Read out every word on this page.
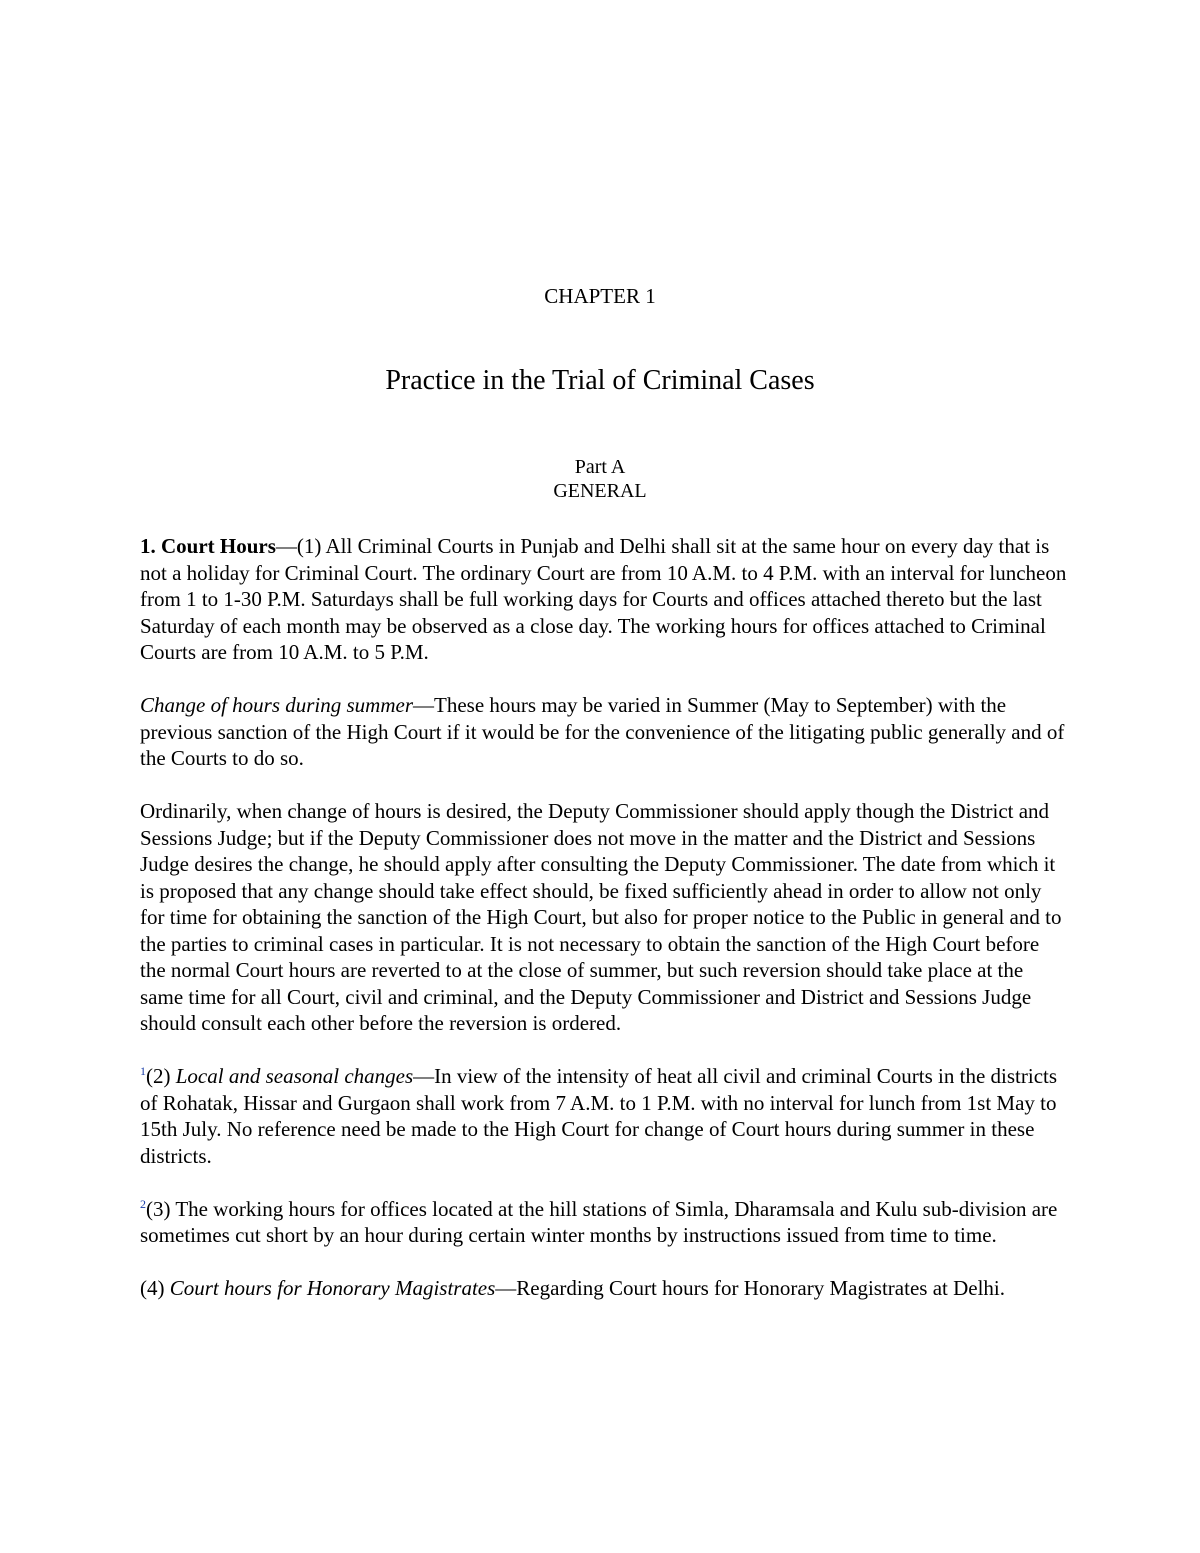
CHAPTER 1
Practice in the Trial of Criminal Cases
Part A
GENERAL

1. Court Hours—(1) All Criminal Courts in Punjab and Delhi shall sit at the same hour on every day that is not a holiday for Criminal Court. The ordinary Court are from 10 A.M. to 4 P.M. with an interval for luncheon from 1 to 1-30 P.M. Saturdays shall be full working days for Courts and offices attached thereto but the last Saturday of each month may be observed as a close day. The working hours for offices attached to Criminal Courts are from 10 A.M. to 5 P.M.

Change of hours during summer—These hours may be varied in Summer (May to September) with the previous sanction of the High Court if it would be for the convenience of the litigating public generally and of the Courts to do so.

Ordinarily, when change of hours is desired, the Deputy Commissioner should apply though the District and Sessions Judge; but if the Deputy Commissioner does not move in the matter and the District and Sessions Judge desires the change, he should apply after consulting the Deputy Commissioner. The date from which it is proposed that any change should take effect should, be fixed sufficiently ahead in order to allow not only for time for obtaining the sanction of the High Court, but also for proper notice to the Public in general and to the parties to criminal cases in particular. It is not necessary to obtain the sanction of the High Court before the normal Court hours are reverted to at the close of summer, but such reversion should take place at the same time for all Court, civil and criminal, and the Deputy Commissioner and District and Sessions Judge should consult each other before the reversion is ordered.

$^1$(2) Local and seasonal changes—In view of the intensity of heat all civil and criminal Courts in the districts of Rohatak, Hissar and Gurgaon shall work from 7 A.M. to 1 P.M. with no interval for lunch from 1st May to 15th July. No reference need be made to the High Court for change of Court hours during summer in these districts.

$^2$(3) The working hours for offices located at the hill stations of Simla, Dharamsala and Kulu sub-division are sometimes cut short by an hour during certain winter months by instructions issued from time to time.

(4) Court hours for Honorary Magistrates—Regarding Court hours for Honorary Magistrates at Delhi.
